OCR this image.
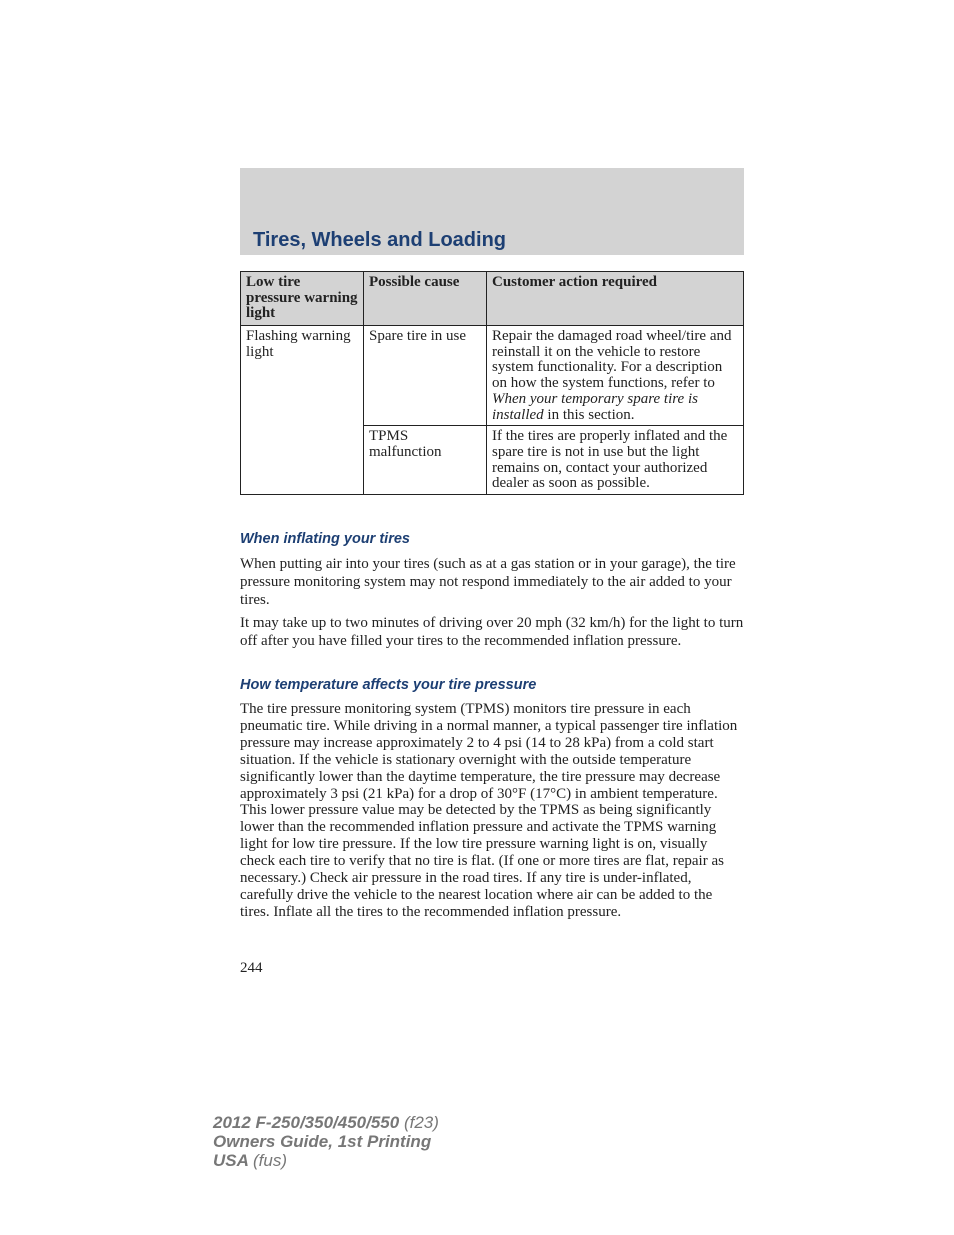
Tires, Wheels and Loading
Low tire pressure warning light	Possible cause	Customer action required
Flashing warning light	Spare tire in use	Repair the damaged road wheel/tire and reinstall it on the vehicle to restore system functionality. For a description on how the system functions, refer to When your temporary spare tire is installed in this section.
	TPMS malfunction	If the tires are properly inflated and the spare tire is not in use but the light remains on, contact your authorized dealer as soon as possible.
When inflating your tires

When putting air into your tires (such as at a gas station or in your garage), the tire pressure monitoring system may not respond immediately to the air added to your tires.

It may take up to two minutes of driving over 20 mph (32 km/h) for the light to turn off after you have filled your tires to the recommended inflation pressure.

How temperature affects your tire pressure

The tire pressure monitoring system (TPMS) monitors tire pressure in each pneumatic tire. While driving in a normal manner, a typical passenger tire inflation pressure may increase approximately 2 to 4 psi (14 to 28 kPa) from a cold start situation. If the vehicle is stationary overnight with the outside temperature significantly lower than the daytime temperature, the tire pressure may decrease approximately 3 psi (21 kPa) for a drop of 30°F (17°C) in ambient temperature. This lower pressure value may be detected by the TPMS as being significantly lower than the recommended inflation pressure and activate the TPMS warning light for low tire pressure. If the low tire pressure warning light is on, visually check each tire to verify that no tire is flat. (If one or more tires are flat, repair as necessary.) Check air pressure in the road tires. If any tire is under-inflated, carefully drive the vehicle to the nearest location where air can be added to the tires. Inflate all the tires to the recommended inflation pressure.

244
2012 F-250/350/450/550 (f23)
Owners Guide, 1st Printing
USA (fus)
